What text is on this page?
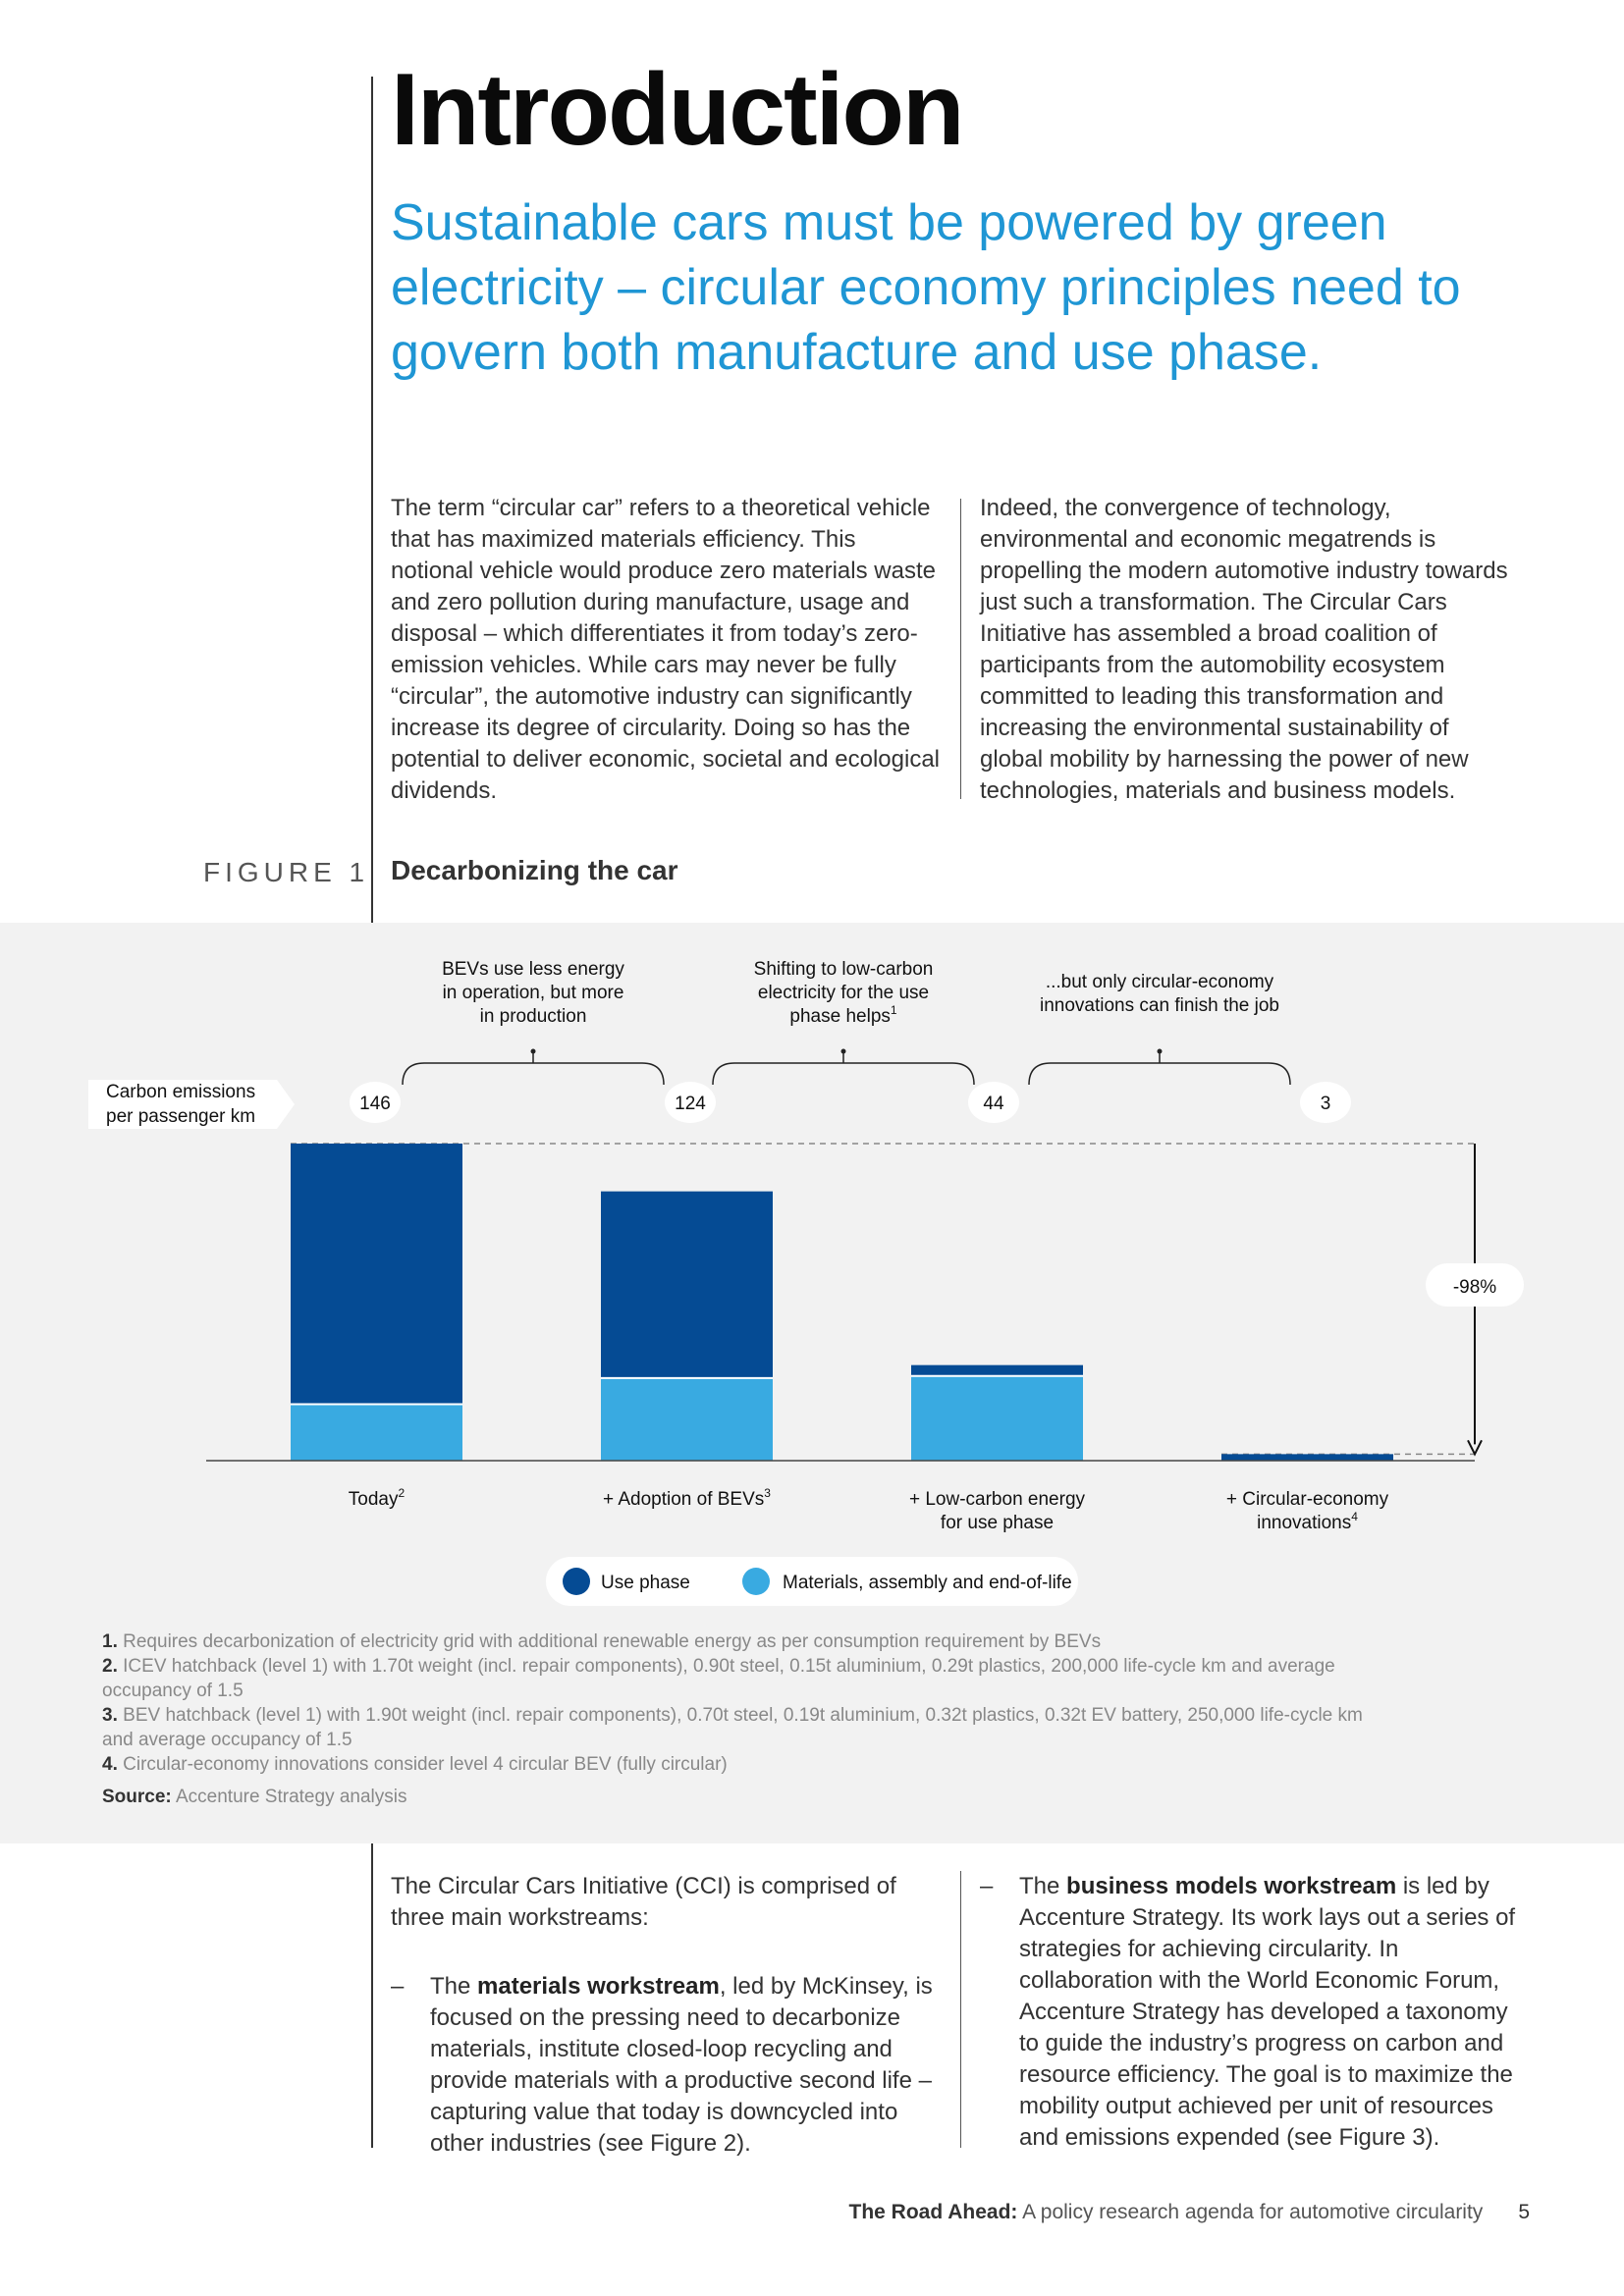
Introduction
Sustainable cars must be powered by green electricity – circular economy principles need to govern both manufacture and use phase.
The term “circular car” refers to a theoretical vehicle that has maximized materials efficiency. This notional vehicle would produce zero materials waste and zero pollution during manufacture, usage and disposal – which differentiates it from today’s zero-emission vehicles. While cars may never be fully “circular”, the automotive industry can significantly increase its degree of circularity. Doing so has the potential to deliver economic, societal and ecological dividends.
Indeed, the convergence of technology, environmental and economic megatrends is propelling the modern automotive industry towards just such a transformation. The Circular Cars Initiative has assembled a broad coalition of participants from the automobility ecosystem committed to leading this transformation and increasing the environmental sustainability of global mobility by harnessing the power of new technologies, materials and business models.
FIGURE 1 Decarbonizing the car
Carbon emissions per passenger km
146	124	44	3
BEVs use less energy in operation, but more in production
Shifting to low-carbon electricity for the use phase helps$^1$
...but only circular-economy innovations can finish the job
-98%
Today$^2$	+ Adoption of BEVs$^3$	+ Low-carbon energy for use phase
+ Circular-economy innovations$^4$
Use phase	Materials, assembly and end-of-life
1. Requires decarbonization of electricity grid with additional renewable energy as per consumption requirement by BEVs
2. ICEV hatchback (level 1) with 1.70t weight (incl. repair components), 0.90t steel, 0.15t aluminium, 0.29t plastics, 200,000 life-cycle km and average occupancy of 1.5
3. BEV hatchback (level 1) with 1.90t weight (incl. repair components), 0.70t steel, 0.19t aluminium, 0.32t plastics, 0.32t EV battery, 250,000 life-cycle km and average occupancy of 1.5
4. Circular-economy innovations consider level 4 circular BEV (fully circular)
Source: Accenture Strategy analysis
The Circular Cars Initiative (CCI) is comprised of three main workstreams:
– The materials workstream, led by McKinsey, is focused on the pressing need to decarbonize materials, institute closed-loop recycling and provide materials with a productive second life – capturing value that today is downcycled into other industries (see Figure 2).
– The business models workstream is led by Accenture Strategy. Its work lays out a series of strategies for achieving circularity. In collaboration with the World Economic Forum, Accenture Strategy has developed a taxonomy to guide the industry’s progress on carbon and resource efficiency. The goal is to maximize the mobility output achieved per unit of resources and emissions expended (see Figure 3).
The Road Ahead: A policy research agenda for automotive circularity 5
